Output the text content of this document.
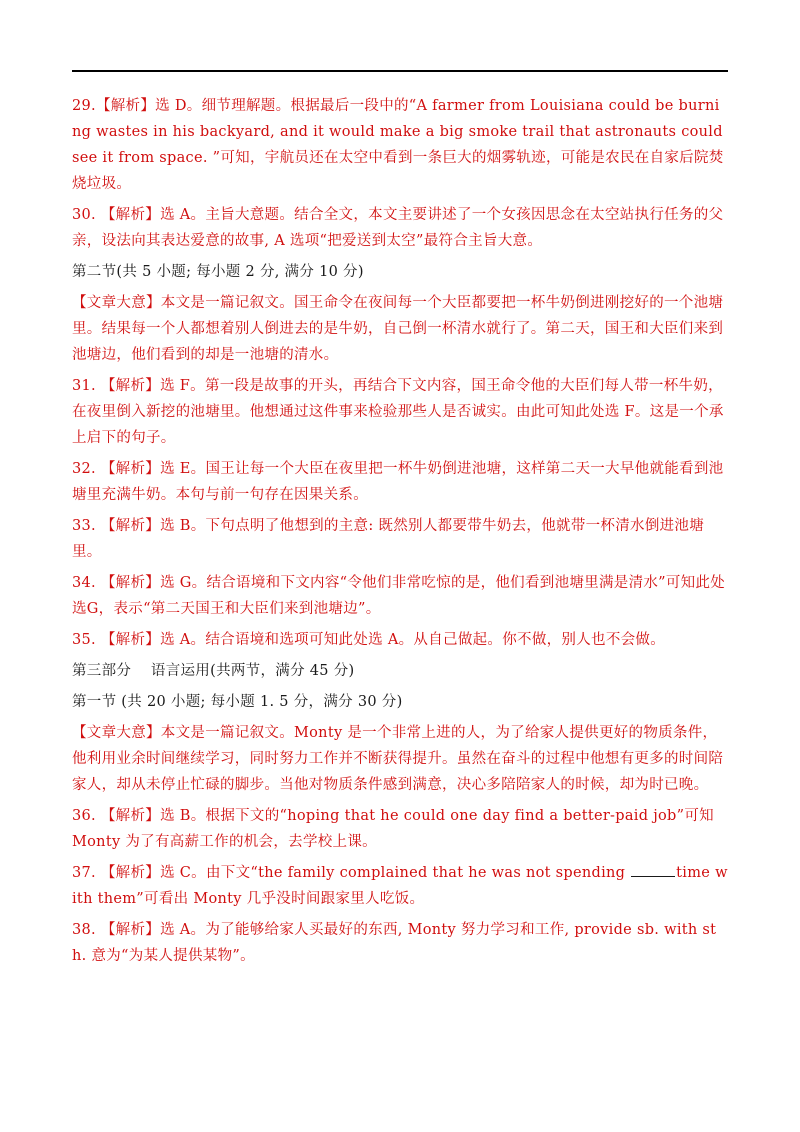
29.【解析】选 D。细节理解题。根据最后一段中的“A farmer from Louisiana could be burning wastes in his backyard, and it would make a big smoke trail that astronauts could see it from space. ”可知，宇航员还在太空中看到一条巨大的烟雾轨迹，可能是农民在自家后院焚烧垃圾。

30. 【解析】选 A。主旨大意题。结合全文，本文主要讲述了一个女孩因思念在太空站执行任务的父亲，设法向其表达爱意的故事, A 选项“把爱送到太空”最符合主旨大意。

第二节(共 5 小题; 每小题 2 分, 满分 10 分)

【文章大意】本文是一篇记叙文。国王命令在夜间每一个大臣都要把一杯牛奶倒进刚挖好的一个池塘里。结果每一个人都想着别人倒进去的是牛奶，自己倒一杯清水就行了。第二天，国王和大臣们来到池塘边，他们看到的却是一池塘的清水。

31. 【解析】选 F。第一段是故事的开头，再结合下文内容，国王命令他的大臣们每人带一杯牛奶，在夜里倒入新挖的池塘里。他想通过这件事来检验那些人是否诚实。由此可知此处选 F。这是一个承上启下的句子。

32. 【解析】选 E。国王让每一个大臣在夜里把一杯牛奶倒进池塘，这样第二天一大早他就能看到池塘里充满牛奶。本句与前一句存在因果关系。

33. 【解析】选 B。下句点明了他想到的主意: 既然别人都要带牛奶去，他就带一杯清水倒进池塘里。

34. 【解析】选 G。结合语境和下文内容“令他们非常吃惊的是，他们看到池塘里满是清水”可知此处选G，表示“第二天国王和大臣们来到池塘边”。

35. 【解析】选 A。结合语境和选项可知此处选 A。从自己做起。你不做，别人也不会做。

第三部分　 语言运用(共两节，满分 45 分)

第一节 (共 20 小题; 每小题 1. 5 分，满分 30 分)

【文章大意】本文是一篇记叙文。Monty 是一个非常上进的人，为了给家人提供更好的物质条件，他利用业余时间继续学习，同时努力工作并不断获得提升。虽然在奋斗的过程中他想有更多的时间陪家人，却从未停止忙碌的脚步。当他对物质条件感到满意，决心多陪陪家人的时候，却为时已晚。

36. 【解析】选 B。根据下文的“hoping that he could one day find a better-paid job”可知 Monty 为了有高薪工作的机会，去学校上课。

37. 【解析】选 C。由下文“the family complained that he was not spending	time with them”可看出 Monty 几乎没时间跟家里人吃饭。

38. 【解析】选 A。为了能够给家人买最好的东西, Monty 努力学习和工作, provide sb. with sth. 意为“为某人提供某物”。
